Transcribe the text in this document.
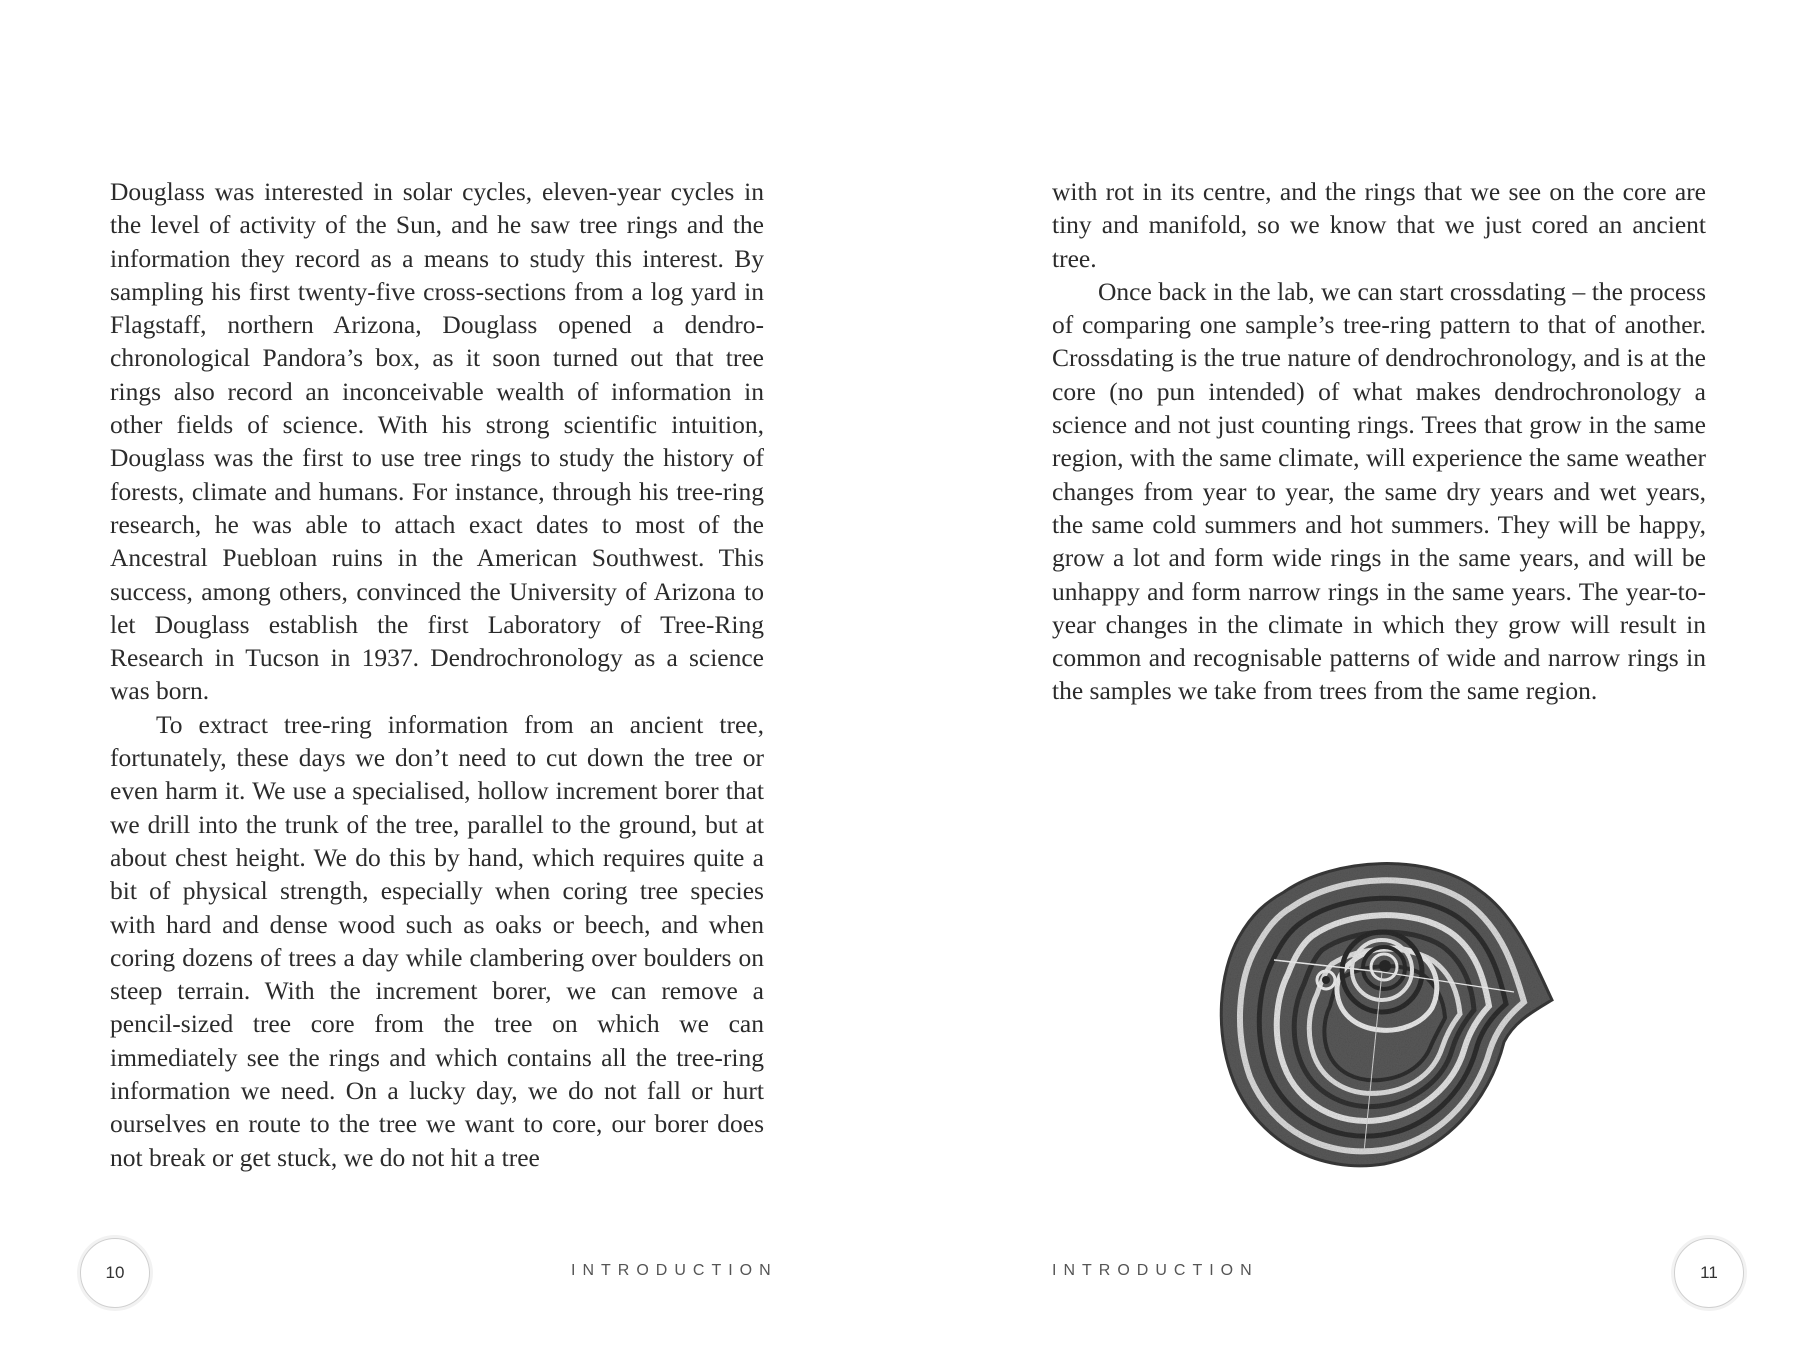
Douglass was interested in solar cycles, eleven-year cycles in the level of activity of the Sun, and he saw tree rings and the information they record as a means to study this interest. By sampling his first twenty-five cross-sections from a log yard in Flagstaff, northern Arizona, Douglass opened a dendrochronological Pandora’s box, as it soon turned out that tree rings also record an inconceivable wealth of information in other fields of science. With his strong scientific intuition, Douglass was the first to use tree rings to study the history of forests, climate and humans. For instance, through his tree-ring research, he was able to attach exact dates to most of the Ancestral Puebloan ruins in the American Southwest. This success, among others, convinced the University of Arizona to let Douglass establish the first Laboratory of Tree-Ring Research in Tucson in 1937. Dendrochronology as a science was born.

To extract tree-ring information from an ancient tree, fortunately, these days we don’t need to cut down the tree or even harm it. We use a specialised, hollow increment borer that we drill into the trunk of the tree, parallel to the ground, but at about chest height. We do this by hand, which requires quite a bit of physical strength, especially when coring tree species with hard and dense wood such as oaks or beech, and when coring dozens of trees a day while clambering over boulders on steep terrain. With the increment borer, we can remove a pencil-sized tree core from the tree on which we can immediately see the rings and which contains all the tree-ring information we need. On a lucky day, we do not fall or hurt ourselves en route to the tree we want to core, our borer does not break or get stuck, we do not hit a tree

10	INTRODUCTION

with rot in its centre, and the rings that we see on the core are tiny and manifold, so we know that we just cored an ancient tree.

Once back in the lab, we can start crossdating – the process of comparing one sample’s tree-ring pattern to that of another. Crossdating is the true nature of dendrochronology, and is at the core (no pun intended) of what makes dendrochronology a science and not just counting rings. Trees that grow in the same region, with the same climate, will experience the same weather changes from year to year, the same dry years and wet years, the same cold summers and hot summers. They will be happy, grow a lot and form wide rings in the same years, and will be unhappy and form narrow rings in the same years. The year-to-year changes in the climate in which they grow will result in common and recognisable patterns of wide and narrow rings in the samples we take from trees from the same region.

INTRODUCTION	11
